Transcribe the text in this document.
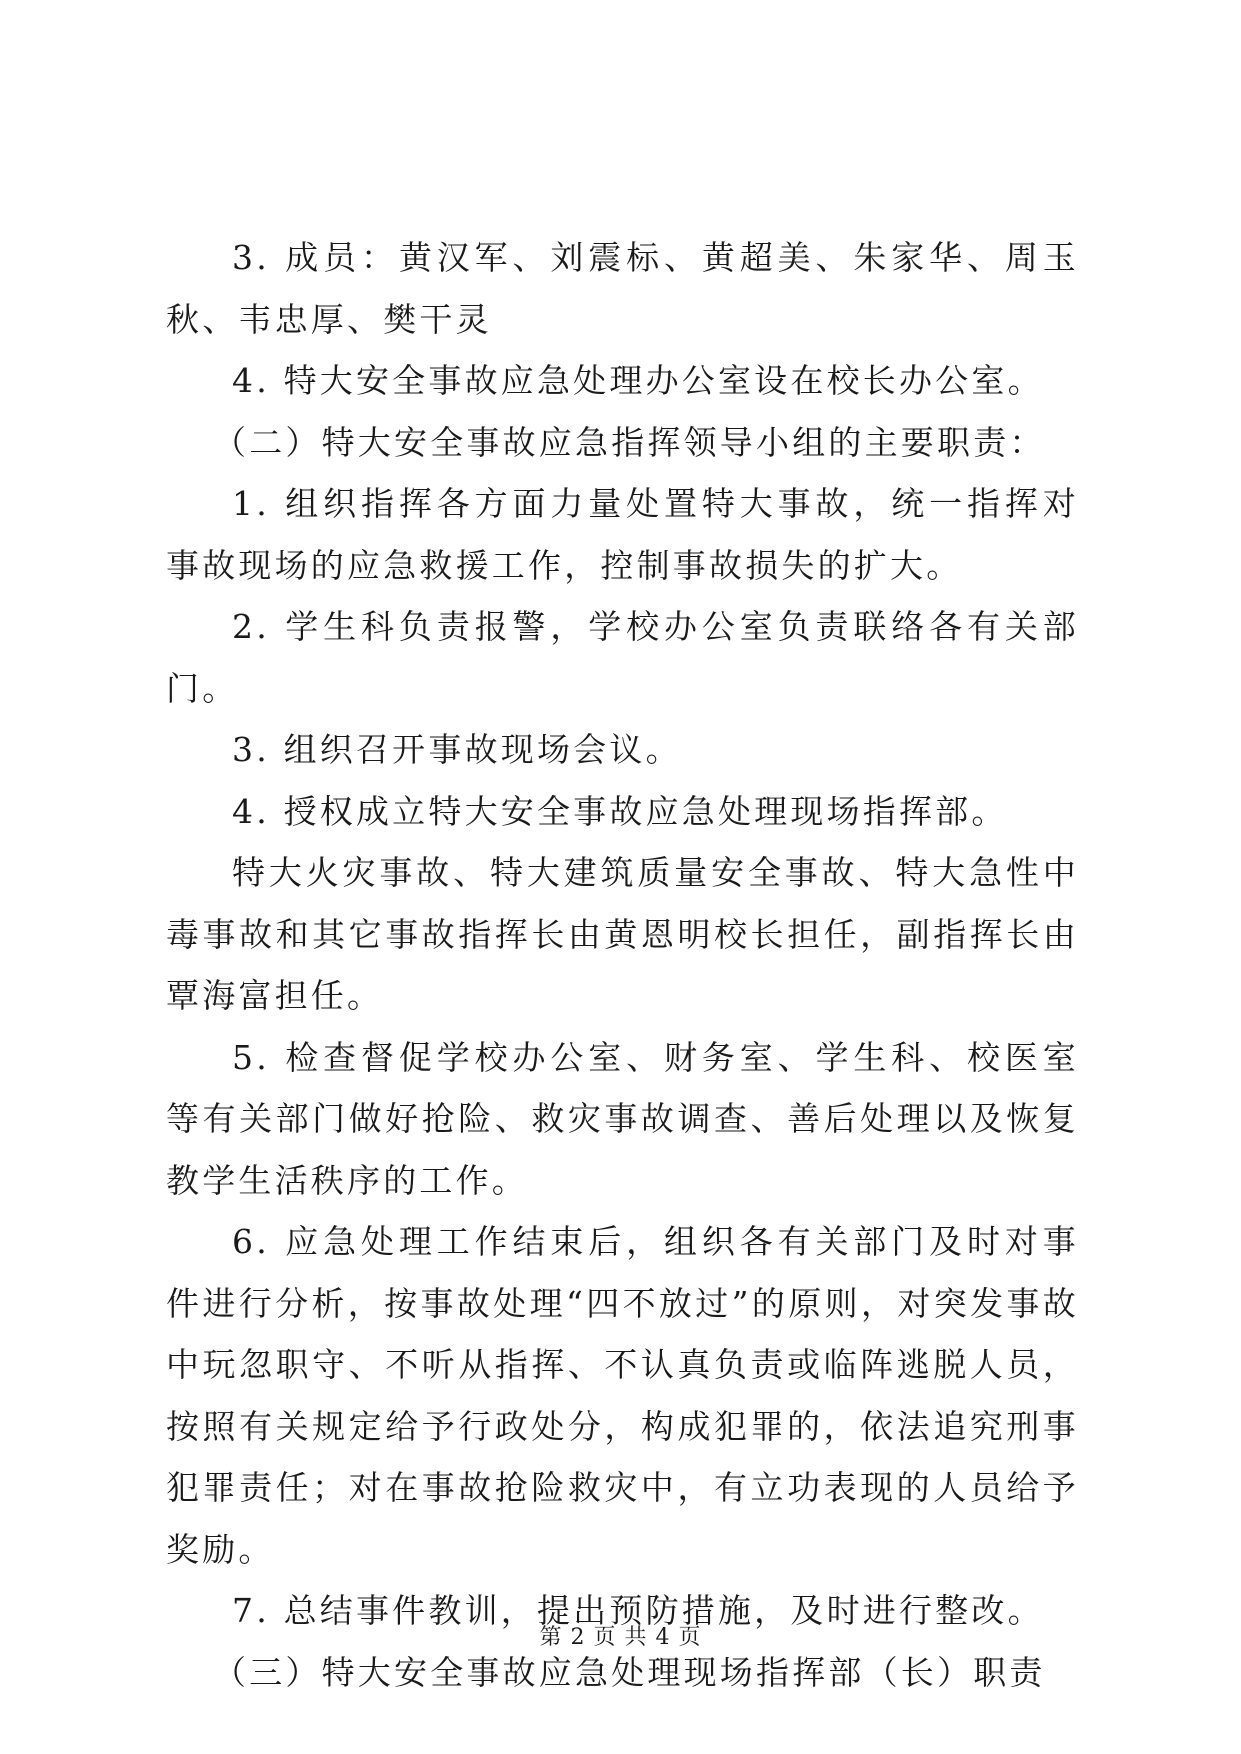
3. 成员：黄汉军、刘震标、黄超美、朱家华、周玉秋、韦忠厚、樊干灵

4. 特大安全事故应急处理办公室设在校长办公室。

（二）特大安全事故应急指挥领导小组的主要职责：

1. 组织指挥各方面力量处置特大事故，统一指挥对事故现场的应急救援工作，控制事故损失的扩大。

2. 学生科负责报警，学校办公室负责联络各有关部门。

3. 组织召开事故现场会议。

4. 授权成立特大安全事故应急处理现场指挥部。

特大火灾事故、特大建筑质量安全事故、特大急性中毒事故和其它事故指挥长由黄恩明校长担任，副指挥长由覃海富担任。

5. 检查督促学校办公室、财务室、学生科、校医室等有关部门做好抢险、救灾事故调查、善后处理以及恢复教学生活秩序的工作。

6. 应急处理工作结束后，组织各有关部门及时对事件进行分析，按事故处理“四不放过”的原则，对突发事故中玩忽职守、不听从指挥、不认真负责或临阵逃脱人员，按照有关规定给予行政处分，构成犯罪的，依法追究刑事犯罪责任；对在事故抢险救灾中，有立功表现的人员给予奖励。

7. 总结事件教训，提出预防措施，及时进行整改。

（三）特大安全事故应急处理现场指挥部（长）职责

第 2 页 共 4 页
